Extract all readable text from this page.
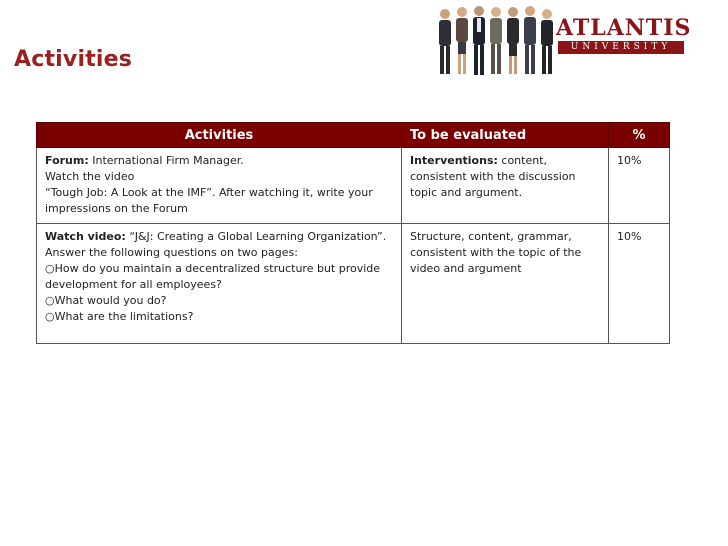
Activities
ATLANTIS
UNIVERSITY
Activities	To be evaluated	%
Forum: International Firm Manager.
Watch the video
“Tough Job: A Look at the IMF”. After watching it, write your impressions on the Forum	Interventions: content, consistent with the discussion topic and argument.	10%
Watch video: “J&J: Creating a Global Learning Organization”.
Answer the following questions on two pages:
○How do you maintain a decentralized structure but provide development for all employees?
○What would you do?
○What are the limitations?	Structure, content, grammar, consistent with the topic of the video and argument	10%
